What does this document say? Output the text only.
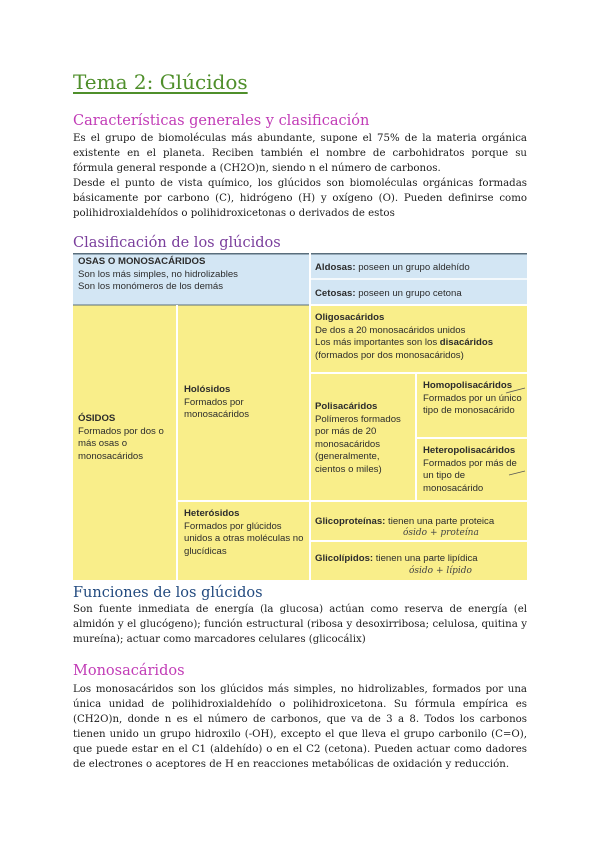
Tema 2: Glúcidos
Características generales y clasificación

Es el grupo de biomoléculas más abundante, supone el 75% de la materia orgánica existente en el planeta. Reciben también el nombre de carbohidratos porque su fórmula general responde a (CH2O)n, siendo n el número de carbonos.

Desde el punto de vista químico, los glúcidos son biomoléculas orgánicas formadas básicamente por carbono (C), hidrógeno (H) y oxígeno (O). Pueden definirse como polihidroxialdehídos o polihidroxicetonas o derivados de estos

Clasificación de los glúcidos
OSAS O MONOSACÁRIDOS
Son los más simples, no hidrolizables
Son los monómeros de los demás
Aldosas: poseen un grupo aldehído
Cetosas: poseen un grupo cetona
ÓSIDOS
Formados por dos o más osas o monosacáridos
Holósidos
Formados por monosacáridos
Oligosacáridos
De dos a 20 monosacáridos unidos
Los más importantes son los disacáridos
(formados por dos monosacáridos)
Polisacáridos
Polímeros formados por más de 20 monosacáridos (generalmente, cientos o miles)
Homopolisacáridos
Formados por un único tipo de monosacárido
Heteropolisacáridos
Formados por más de un tipo de monosacárido
Heterósidos
Formados por glúcidos unidos a otras moléculas no glucídicas
Glicoproteínas: tienen una parte proteica
ósido + proteína
Glicolípidos: tienen una parte lipídica
ósido + lípido
Funciones de los glúcidos

Son fuente inmediata de energía (la glucosa) actúan como reserva de energía (el almidón y el glucógeno); función estructural (ribosa y desoxirribosa; celulosa, quitina y mureína); actuar como marcadores celulares (glicocálix)

Monosacáridos

Los monosacáridos son los glúcidos más simples, no hidrolizables, formados por una única unidad de polihidroxialdehído o polihidroxicetona. Su fórmula empírica es (CH2O)n, donde n es el número de carbonos, que va de 3 a 8. Todos los carbonos tienen unido un grupo hidroxilo (-OH), excepto el que lleva el grupo carbonilo (C=O), que puede estar en el C1 (aldehído) o en el C2 (cetona). Pueden actuar como dadores de electrones o aceptores de H en reacciones metabólicas de oxidación y reducción.
